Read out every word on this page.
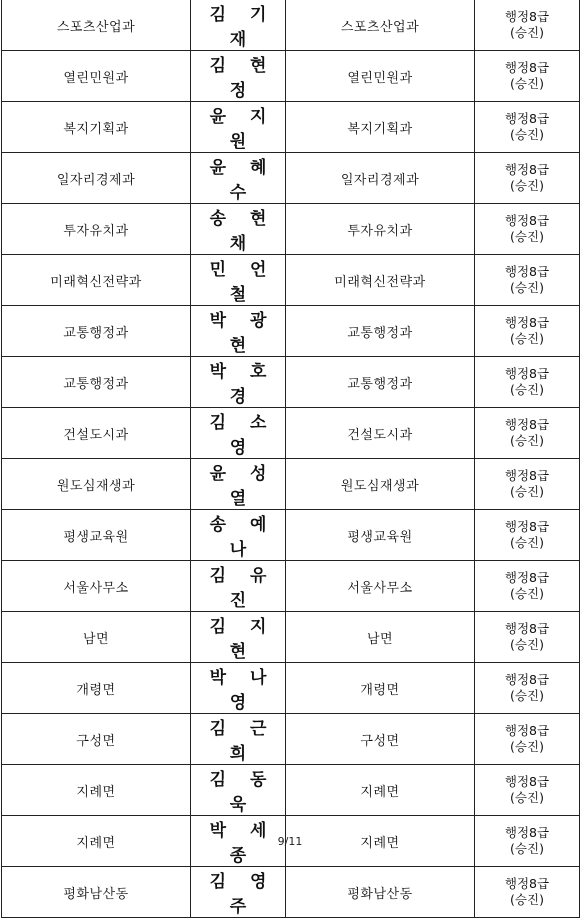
스포츠산업과	김 기 재	스포츠산업과	행정8급
(승진)

열린민원과	김 현 정	열린민원과	행정8급
(승진)

복지기획과	윤 지 원	복지기획과	행정8급
(승진)

일자리경제과	윤 혜 수	일자리경제과	행정8급
(승진)

투자유치과	송 현 채	투자유치과	행정8급
(승진)

미래혁신전략과	민 언 철	미래혁신전략과	행정8급
(승진)

교통행정과	박 광 현	교통행정과	행정8급
(승진)

교통행정과	박 호 경	교통행정과	행정8급
(승진)

건설도시과	김 소 영	건설도시과	행정8급
(승진)

원도심재생과	윤 성 열	원도심재생과	행정8급
(승진)

평생교육원	송 예 나	평생교육원	행정8급
(승진)

서울사무소	김 유 진	서울사무소	행정8급
(승진)

남면	김 지 현	남면	행정8급
(승진)

개령면	박 나 영	개령면	행정8급
(승진)

구성면	김 근 희	구성면	행정8급
(승진)

지례면	김 동 욱	지례면	행정8급
(승진)

지례면	박 세 종	지례면	행정8급
(승진)

평화남산동	김 영 주	평화남산동	행정8급
(승진)
9/11
